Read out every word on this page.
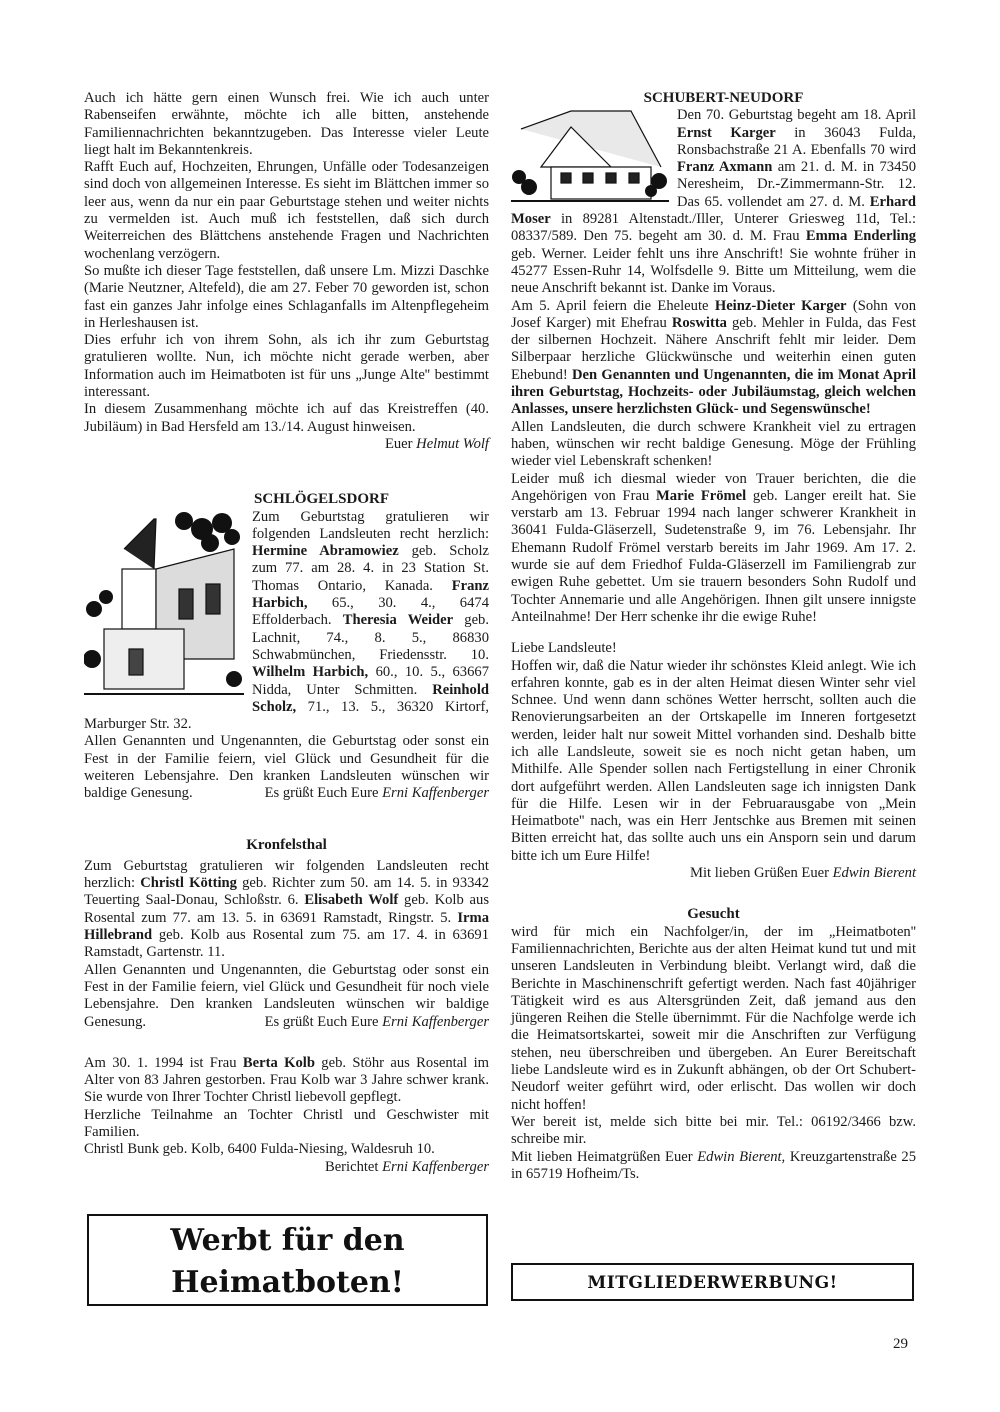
Auch ich hätte gern einen Wunsch frei. Wie ich auch unter Rabenseifen erwähnte, möchte ich alle bitten, anstehende Familiennachrichten bekanntzugeben. Das Interesse vieler Leute liegt halt im Bekanntenkreis.

Rafft Euch auf, Hochzeiten, Ehrungen, Unfälle oder Todesanzeigen sind doch von allgemeinen Interesse. Es sieht im Blättchen immer so leer aus, wenn da nur ein paar Geburtstage stehen und weiter nichts zu vermelden ist. Auch muß ich feststellen, daß sich durch Weiterreichen des Blättchens anstehende Fragen und Nachrichten wochenlang verzögern.

So mußte ich dieser Tage feststellen, daß unsere Lm. Mizzi Daschke (Marie Neutzner, Altefeld), die am 27. Feber 70 geworden ist, schon fast ein ganzes Jahr infolge eines Schlaganfalls im Altenpflegeheim in Herleshausen ist.

Dies erfuhr ich von ihrem Sohn, als ich ihr zum Geburtstag gratulieren wollte. Nun, ich möchte nicht gerade werben, aber Information auch im Heimatboten ist für uns „Junge Alte'' bestimmt interessant.

In diesem Zusammenhang möchte ich auf das Kreistreffen (40. Jubiläum) in Bad Hersfeld am 13./14. August hinweisen.

Euer Helmut Wolf

SCHLÖGELSDORF

Zum Geburtstag gratulieren wir folgenden Landsleuten recht herzlich: Hermine Abramowiez geb. Scholz zum 77. am 28. 4. in 23 Station St. Thomas Ontario, Kanada. Franz Harbich, 65., 30. 4., 6474 Effolderbach. Theresia Weider geb. Lachnit, 74., 8. 5., 86830 Schwabmünchen, Friedensstr. 10. Wilhelm Harbich, 60., 10. 5., 63667 Nidda, Unter Schmitten. Reinhold Scholz, 71., 13. 5., 36320 Kirtorf, Marburger Str. 32.

Allen Genannten und Ungenannten, die Geburtstag oder sonst ein Fest in der Familie feiern, viel Glück und Gesundheit für die weiteren Lebensjahre. Den kranken Landsleuten wünschen wir baldige Genesung.	Es grüßt Euch Eure Erni Kaffenberger

Kronfelsthal

Zum Geburtstag gratulieren wir folgenden Landsleuten recht herzlich: Christl Kötting geb. Richter zum 50. am 14. 5. in 93342 Teuerting Saal-Donau, Schloßstr. 6. Elisabeth Wolf geb. Kolb aus Rosental zum 77. am 13. 5. in 63691 Ramstadt, Ringstr. 5. Irma Hillebrand geb. Kolb aus Rosental zum 75. am 17. 4. in 63691 Ramstadt, Gartenstr. 11.

Allen Genannten und Ungenannten, die Geburtstag oder sonst ein Fest in der Familie feiern, viel Glück und Gesundheit für noch viele Lebensjahre. Den kranken Landsleuten wünschen wir baldige Genesung.	Es grüßt Euch Eure Erni Kaffenberger

Am 30. 1. 1994 ist Frau Berta Kolb geb. Stöhr aus Rosental im Alter von 83 Jahren gestorben. Frau Kolb war 3 Jahre schwer krank. Sie wurde von Ihrer Tochter Christl liebevoll gepflegt.

Herzliche Teilnahme an Tochter Christl und Geschwister mit Familien.

Christl Bunk geb. Kolb, 6400 Fulda-Niesing, Waldesruh 10.

Berichtet Erni Kaffenberger

Werbt für den
Heimatboten!

SCHUBERT-NEUDORF

Den 70. Geburtstag begeht am 18. April Ernst Karger in 36043 Fulda, Ronsbachstraße 21 A. Ebenfalls 70 wird Franz Axmann am 21. d. M. in 73450 Neresheim, Dr.-Zimmermann-Str. 12. Das 65. vollendet am 27. d. M. Erhard Moser in 89281 Altenstadt./Iller, Unterer Griesweg 11d, Tel.: 08337/589. Den 75. begeht am 30. d. M. Frau Emma Enderling geb. Werner. Leider fehlt uns ihre Anschrift! Sie wohnte früher in 45277 Essen-Ruhr 14, Wolfsdelle 9. Bitte um Mitteilung, wem die neue Anschrift bekannt ist. Danke im Voraus.

Am 5. April feiern die Eheleute Heinz-Dieter Karger (Sohn von Josef Karger) mit Ehefrau Roswitta geb. Mehler in Fulda, das Fest der silbernen Hochzeit. Nähere Anschrift fehlt mir leider. Dem Silberpaar herzliche Glückwünsche und weiterhin einen guten Ehebund! Den Genannten und Ungenannten, die im Monat April ihren Geburtstag, Hochzeits- oder Jubiläumstag, gleich welchen Anlasses, unsere herzlichsten Glück- und Segenswünsche!

Allen Landsleuten, die durch schwere Krankheit viel zu ertragen haben, wünschen wir recht baldige Genesung. Möge der Frühling wieder viel Lebenskraft schenken!

Leider muß ich diesmal wieder von Trauer berichten, die die Angehörigen von Frau Marie Frömel geb. Langer ereilt hat. Sie verstarb am 13. Februar 1994 nach langer schwerer Krankheit in 36041 Fulda-Gläserzell, Sudetenstraße 9, im 76. Lebensjahr. Ihr Ehemann Rudolf Frömel verstarb bereits im Jahr 1969. Am 17. 2. wurde sie auf dem Friedhof Fulda-Gläserzell im Familiengrab zur ewigen Ruhe gebettet. Um sie trauern besonders Sohn Rudolf und Tochter Annemarie und alle Angehörigen. Ihnen gilt unsere innigste Anteilnahme! Der Herr schenke ihr die ewige Ruhe!

Liebe Landsleute!

Hoffen wir, daß die Natur wieder ihr schönstes Kleid anlegt. Wie ich erfahren konnte, gab es in der alten Heimat diesen Winter sehr viel Schnee. Und wenn dann schönes Wetter herrscht, sollten auch die Renovierungsarbeiten an der Ortskapelle im Inneren fortgesetzt werden, leider halt nur soweit Mittel vorhanden sind. Deshalb bitte ich alle Landsleute, soweit sie es noch nicht getan haben, um Mithilfe. Alle Spender sollen nach Fertigstellung in einer Chronik dort aufgeführt werden. Allen Landsleuten sage ich innigsten Dank für die Hilfe. Lesen wir in der Februarausgabe von „Mein Heimatbote'' nach, was ein Herr Jentschke aus Bremen mit seinen Bitten erreicht hat, das sollte auch uns ein Ansporn sein und darum bitte ich um Eure Hilfe!

Mit lieben Grüßen Euer Edwin Bierent

Gesucht

wird für mich ein Nachfolger/in, der im „Heimatboten'' Familiennachrichten, Berichte aus der alten Heimat kund tut und mit unseren Landsleuten in Verbindung bleibt. Verlangt wird, daß die Berichte in Maschinenschrift gefertigt werden. Nach fast 40jähriger Tätigkeit wird es aus Altersgründen Zeit, daß jemand aus den jüngeren Reihen die Stelle übernimmt. Für die Nachfolge werde ich die Heimatsortskartei, soweit mir die Anschriften zur Verfügung stehen, neu überschreiben und übergeben. An Eurer Bereitschaft liebe Landsleute wird es in Zukunft abhängen, ob der Ort Schubert-Neudorf weiter geführt wird, oder erlischt. Das wollen wir doch nicht hoffen!

Wer bereit ist, melde sich bitte bei mir. Tel.: 06192/3466 bzw. schreibe mir.

Mit lieben Heimatgrüßen Euer Edwin Bierent, Kreuzgartenstraße 25 in 65719 Hofheim/Ts.

MITGLIEDERWERBUNG!
29
